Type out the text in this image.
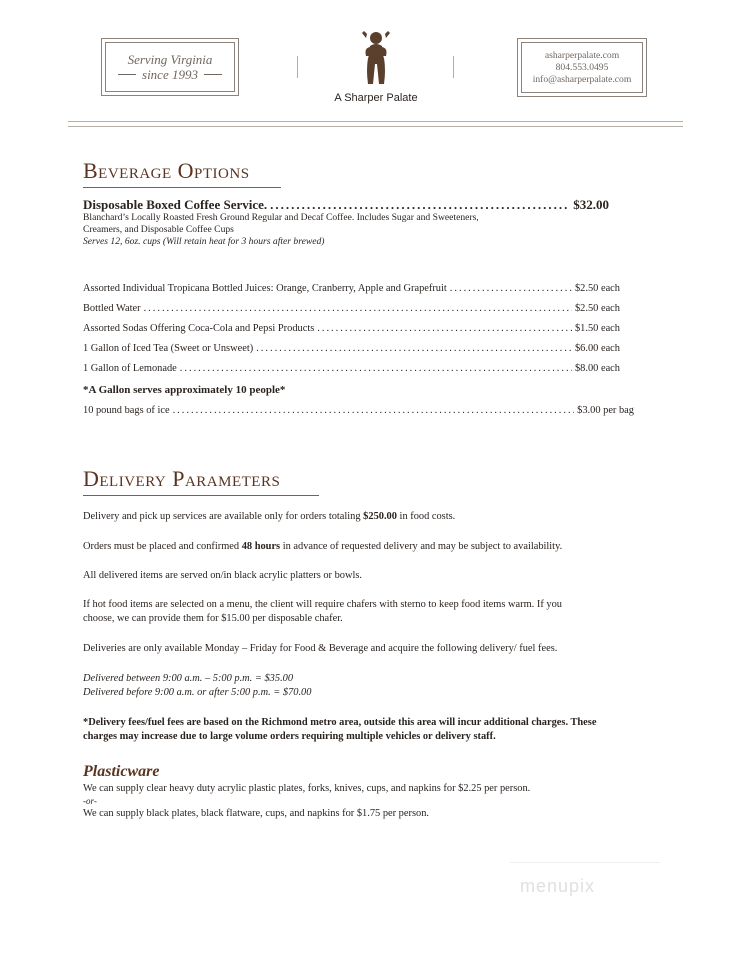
Serving Virginia
since 1993
A Sharper Palate
asharperpalate.com
804.553.0495
info@asharperpalate.com
Beverage Options
Disposable Boxed Coffee Service. .....	$32.00
Blanchard’s Locally Roasted Fresh Ground Regular and Decaf Coffee. Includes Sugar and Sweeteners,
Creamers, and Disposable Coffee Cups
Serves 12, 6oz. cups (Will retain heat for 3 hours after brewed)
Assorted Individual Tropicana Bottled Juices: Orange, Cranberry, Apple and Grapefruit .....	$2.50 each
Bottled Water .....	$2.50 each
Assorted Sodas Offering Coca-Cola and Pepsi Products .....	$1.50 each
1 Gallon of Iced Tea (Sweet or Unsweet) .....	$6.00 each
1 Gallon of Lemonade .....	$8.00 each
*A Gallon serves approximately 10 people*
10 pound bags of ice .....	$3.00 per bag
Delivery Parameters
Delivery and pick up services are available only for orders totaling $250.00 in food costs.
Orders must be placed and confirmed 48 hours in advance of requested delivery and may be subject to availability.
All delivered items are served on/in black acrylic platters or bowls.
If hot food items are selected on a menu, the client will require chafers with sterno to keep food items warm. If you
choose, we can provide them for $15.00 per disposable chafer.
Deliveries are only available Monday – Friday for Food & Beverage and acquire the following delivery/ fuel fees.
Delivered between 9:00 a.m. – 5:00 p.m. = $35.00
Delivered before 9:00 a.m. or after 5:00 p.m. = $70.00
*Delivery fees/fuel fees are based on the Richmond metro area, outside this area will incur additional charges. These
charges may increase due to large volume orders requiring multiple vehicles or delivery staff.
Plasticware
We can supply clear heavy duty acrylic plastic plates, forks, knives, cups, and napkins for $2.25 per person.
-or-
We can supply black plates, black flatware, cups, and napkins for $1.75 per person.
menupix
